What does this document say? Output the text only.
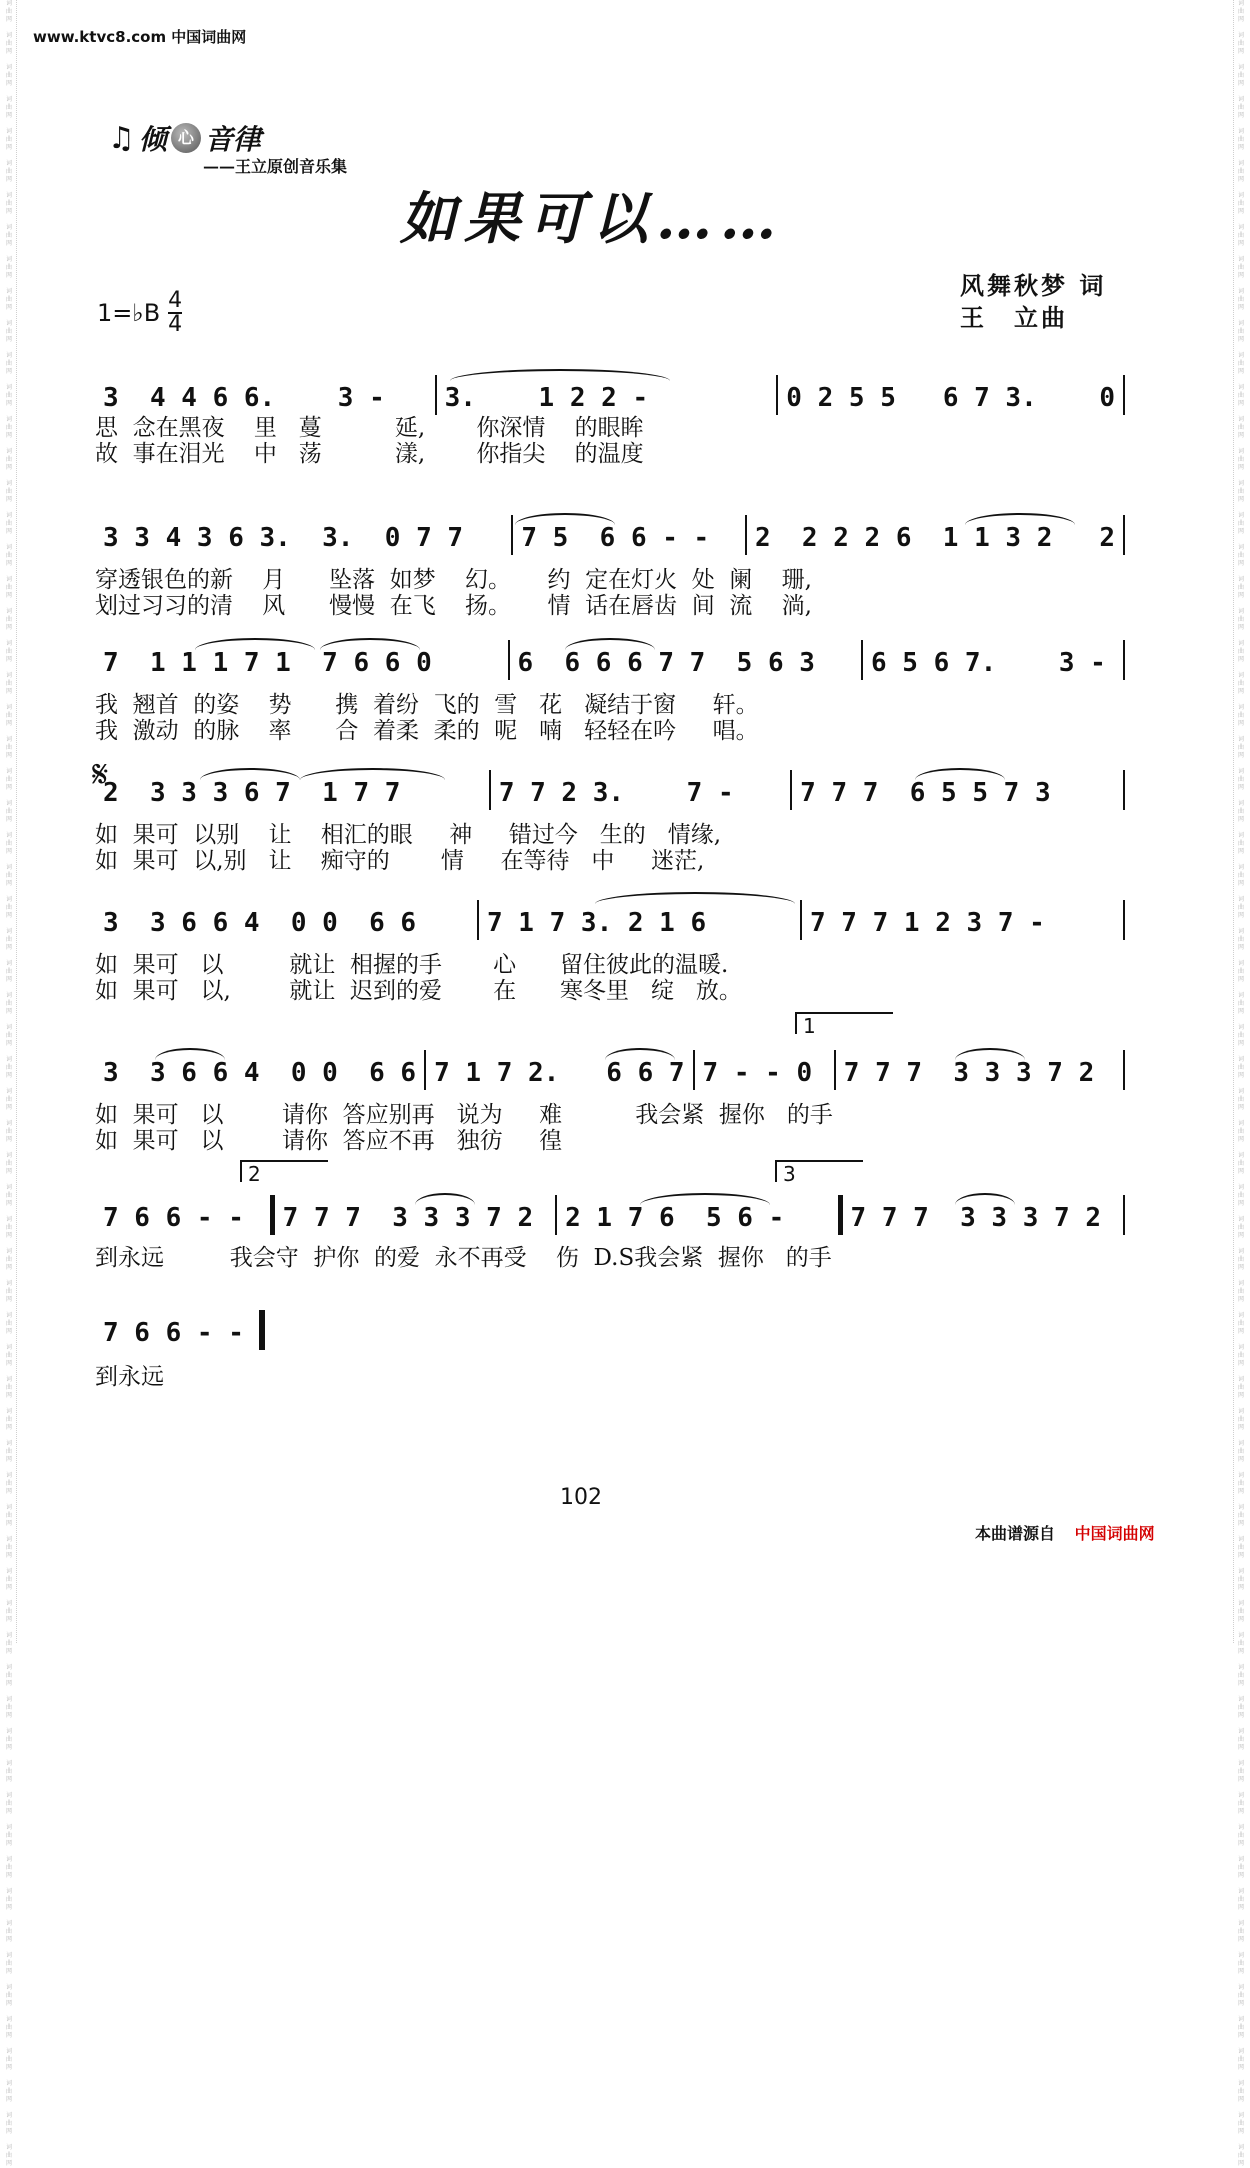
词
曲
网

词
曲
网

词
曲
网

词
曲
网

词
曲
网

词
曲
网

词
曲
网

词
曲
网

词
曲
网

词
曲
网

词
曲
网

词
曲
网

词
曲
网

词
曲
网

词
曲
网

词
曲
网

词
曲
网

词
曲
网

词
曲
网

词
曲
网

词
曲
网

词
曲
网

词
曲
网

词
曲
网

词
曲
网

词
曲
网

词
曲
网

词
曲
网

词
曲
网

词
曲
网

词
曲
网

词
曲
网

词
曲
网

词
曲
网

词
曲
网

词
曲
网

词
曲
网

词
曲
网

词
曲
网

词
曲
网

词
曲
网

词
曲
网

词
曲
网

词
曲
网

词
曲
网

词
曲
网

词
曲
网

词
曲
网

词
曲
网

词
曲
网

词
曲
网

词
曲
网

词
曲
网

词
曲
网

词
曲
网

词
曲
网

词
曲
网

词
曲
网

词
曲
网

词
曲
网

词
曲
网

词
曲
网

词
曲
网

词
曲
网

词
曲
网

词
曲
网

词
曲
网

词
曲
网

词
曲
网

词
曲
网

词
曲
网

词
曲
网

词
曲
网

词
曲
网

词
曲
网

词
曲
网

词
曲
网

词
曲
网

词
曲
网

词
曲
网

词
曲
网

词
曲
网

词
曲
网

词
曲
网

词
曲
网

词
曲
网

词
曲
网

词
曲
网

词
曲
网

词
曲
网

词
曲
网

词
曲
网

词
曲
网

词
曲
网

词
曲
网

词
曲
网

词
曲
网

词
曲
网

词
曲
网

词
曲
网

词
曲
网

词
曲
网

词
曲
网

词
曲
网

词
曲
网

词
曲
网

词
曲
网

词
曲
网

词
曲
网

词
曲
网

词
曲
网

词
曲
网

词
曲
网

词
曲
网

词
曲
网

词
曲
网

词
曲
网

词
曲
网

词
曲
网

词
曲
网

词
曲
网

词
曲
网

词
曲
网

词
曲
网

词
曲
网

词
曲
网

词
曲
网

词
曲
网

词
曲
网

词
曲
网

词
曲
网

词
曲
网

词
曲
网

词
曲
网

词
曲
网

词
曲
网

www.ktvc8.com 中国词曲网
♫ 倾 心 音律
——王立原创音乐集
如果可以……
1=♭B 4
4
风舞秋梦 词
王　立曲
𝄋
3  4 4 6 6.    3 -	3.    1 2 2 -	0 2 5 5   6 7 3.    0
思  念在黑夜    里   蔓          延,       你深情    的眼眸
故  事在泪光    中   荡          漾,       你指尖    的温度
3 3 4 3 6 3.  3.  0 7 7	7 5  6 6 - -	2  2 2 2 6  1 1 3 2   2
穿透银色的新    月      坠落  如梦    幻。     约  定在灯火  处  阑    珊,
划过习习的清    风      慢慢  在飞    扬。     情  话在唇齿  间  流    淌,
7  1 1 1 7 1  7 6 6 0	6  6 6 6 7 7  5 6 3	6 5 6 7.    3 -
我  翘首  的姿    势      携  着纷  飞的  雪   花   凝结于窗     轩。
我  激动  的脉    率      合  着柔  柔的  呢   喃   轻轻在吟     唱。
2  3 3 3 6 7  1 7 7	7 7 2 3.    7 -	7 7 7  6 5 5 7 3
如  果可  以别    让    相汇的眼     神     错过今   生的   情缘,
如  果可  以,别   让    痴守的       情     在等待   中     迷茫,
3  3 6 6 4  0 0  6 6	7 1 7 3. 2 1 6	7 7 7 1 2 3 7 -
如  果可   以         就让  相握的手       心      留住彼此的温暖.
如  果可   以,        就让  迟到的爱       在      寒冬里   绽   放。
1
3  3 6 6 4  0 0  6 6 7 1 7 2.   6 6 7 7 - - 0	7 7 7  3 3 3 7 2
如  果可   以        请你  答应别再   说为     难          我会紧  握你   的手
如  果可   以        请你  答应不再   独彷     徨
2	3
7 6 6 - -	7 7 7  3 3 3 7 2	2 1 7 6  5 6 -	7 7 7  3 3 3 7 2
到永远         我会守  护你  的爱  永不再受    伤  D.S我会紧  握你   的手
7 6 6 - -
到永远
102
本曲谱源自 中国词曲网
